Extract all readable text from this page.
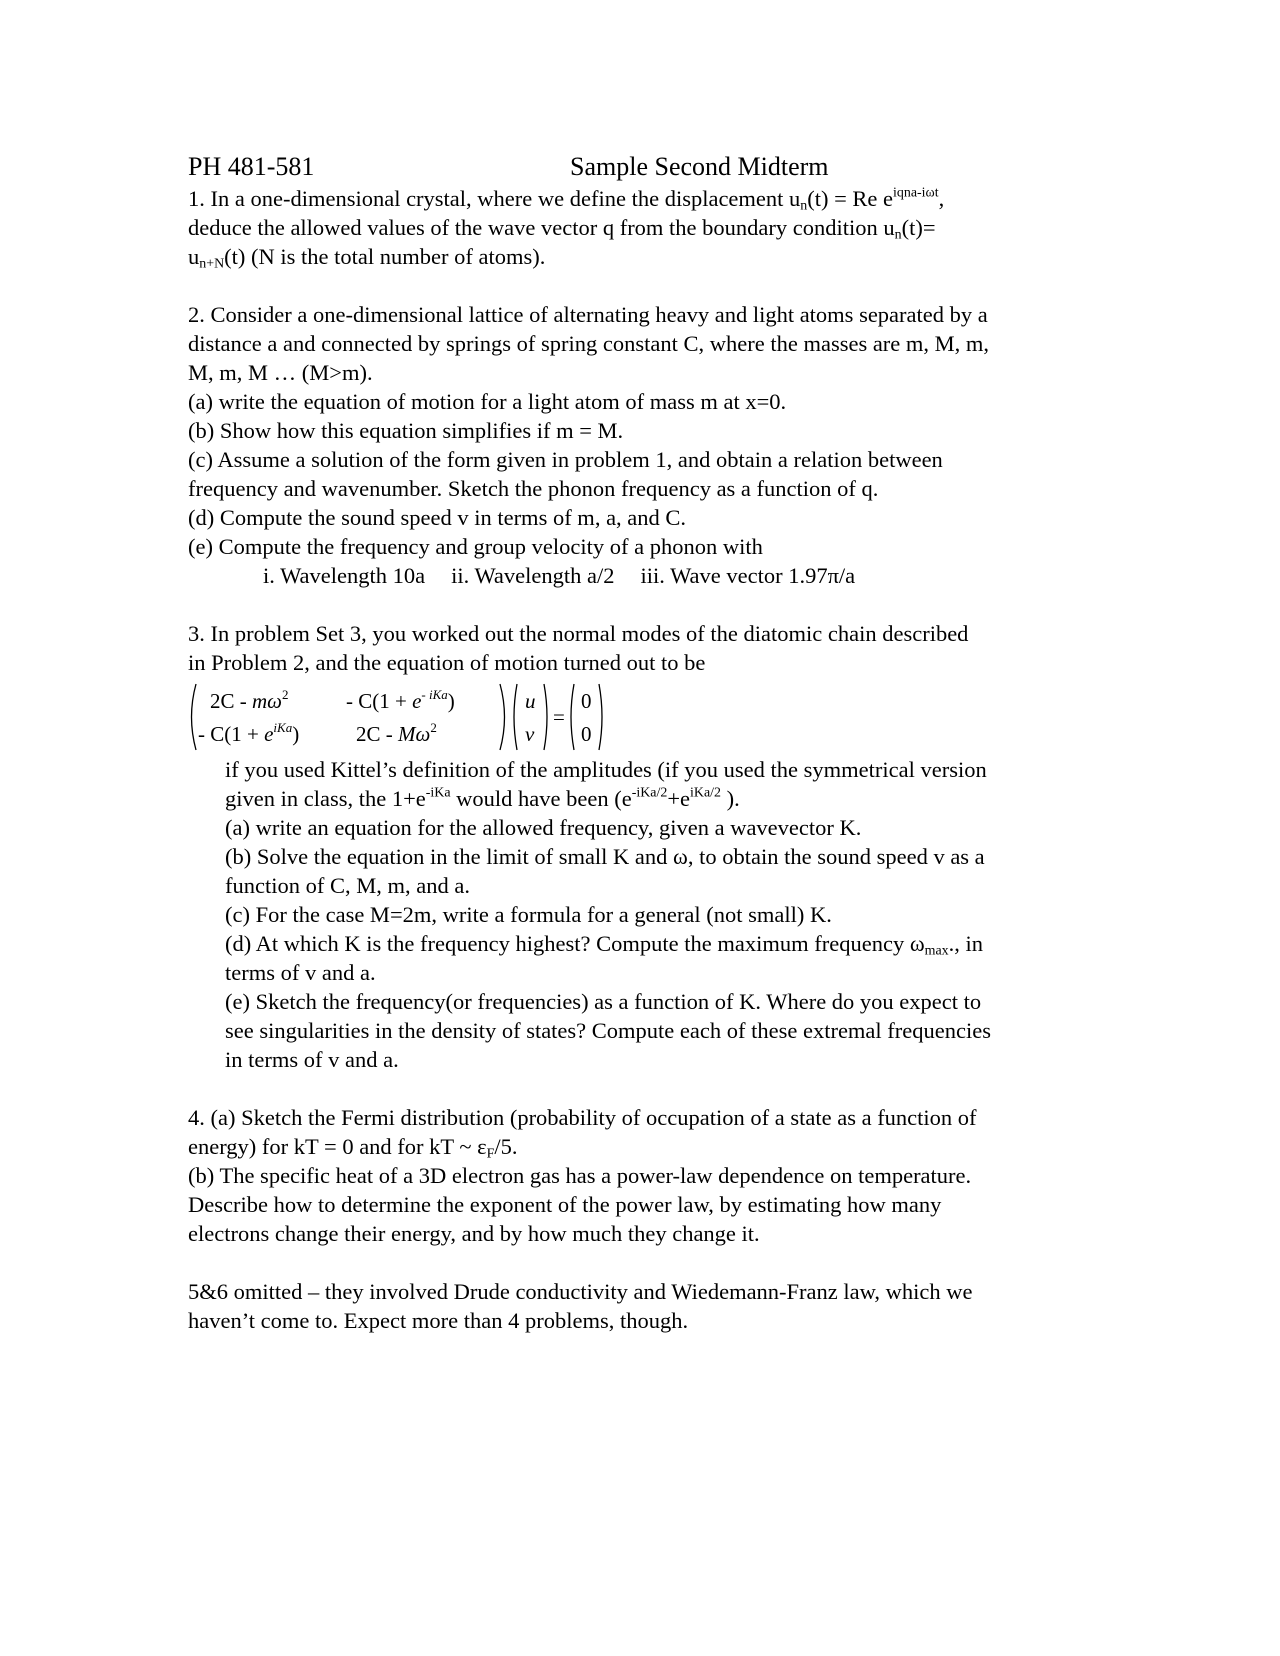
PH 481-581	Sample Second Midterm
1. In a one-dimensional crystal, where we define the displacement $u_n(t) = Re$ $e^{iqna-i\omega t}$,
deduce the allowed values of the wave vector q from the boundary condition $u_n(t)=$
$u_{n+N}(t)$ (N is the total number of atoms).
2. Consider a one-dimensional lattice of alternating heavy and light atoms separated by a
distance a and connected by springs of spring constant C, where the masses are m, M, m,
M, m, M … (M>m).
(a) write the equation of motion for a light atom of mass m at x=0.
(b) Show how this equation simplifies if m = M.
(c) Assume a solution of the form given in problem 1, and obtain a relation between
frequency and wavenumber. Sketch the phonon frequency as a function of q.
(d) Compute the sound speed v in terms of m, a, and C.
(e) Compute the frequency and group velocity of a phonon with
i. Wavelength 10a ii. Wavelength a/2 iii. Wave vector 1.97π/a
3. In problem Set 3, you worked out the normal modes of the diatomic chain described
in Problem 2, and the equation of motion turned out to be
$2C - m\omega^2$	- $C(1 + e^{- iKa})$
- $C(1 + e^{iKa})$	$2C - M\omega^2$
u
v
=
0
0
if you used Kittel’s definition of the amplitudes (if you used the symmetrical version
given in class, the $1+e^{-iKa}$ would have been ($e^{-iKa/2}+e^{iKa/2}$ ).
(a) write an equation for the allowed frequency, given a wavevector K.
(b) Solve the equation in the limit of small K and ω, to obtain the sound speed v as a
function of C, M, m, and a.
(c) For the case M=2m, write a formula for a general (not small) K.
(d) At which K is the frequency highest? Compute the maximum frequency $\omega_{max}$., in
terms of v and a.
(e) Sketch the frequency(or frequencies) as a function of K. Where do you expect to
see singularities in the density of states? Compute each of these extremal frequencies
in terms of v and a.
4. (a) Sketch the Fermi distribution (probability of occupation of a state as a function of
energy) for kT = 0 and for kT ~ $\varepsilon_F/5$.
(b) The specific heat of a 3D electron gas has a power-law dependence on temperature.
Describe how to determine the exponent of the power law, by estimating how many
electrons change their energy, and by how much they change it.
5&6 omitted – they involved Drude conductivity and Wiedemann-Franz law, which we
haven’t come to. Expect more than 4 problems, though.
